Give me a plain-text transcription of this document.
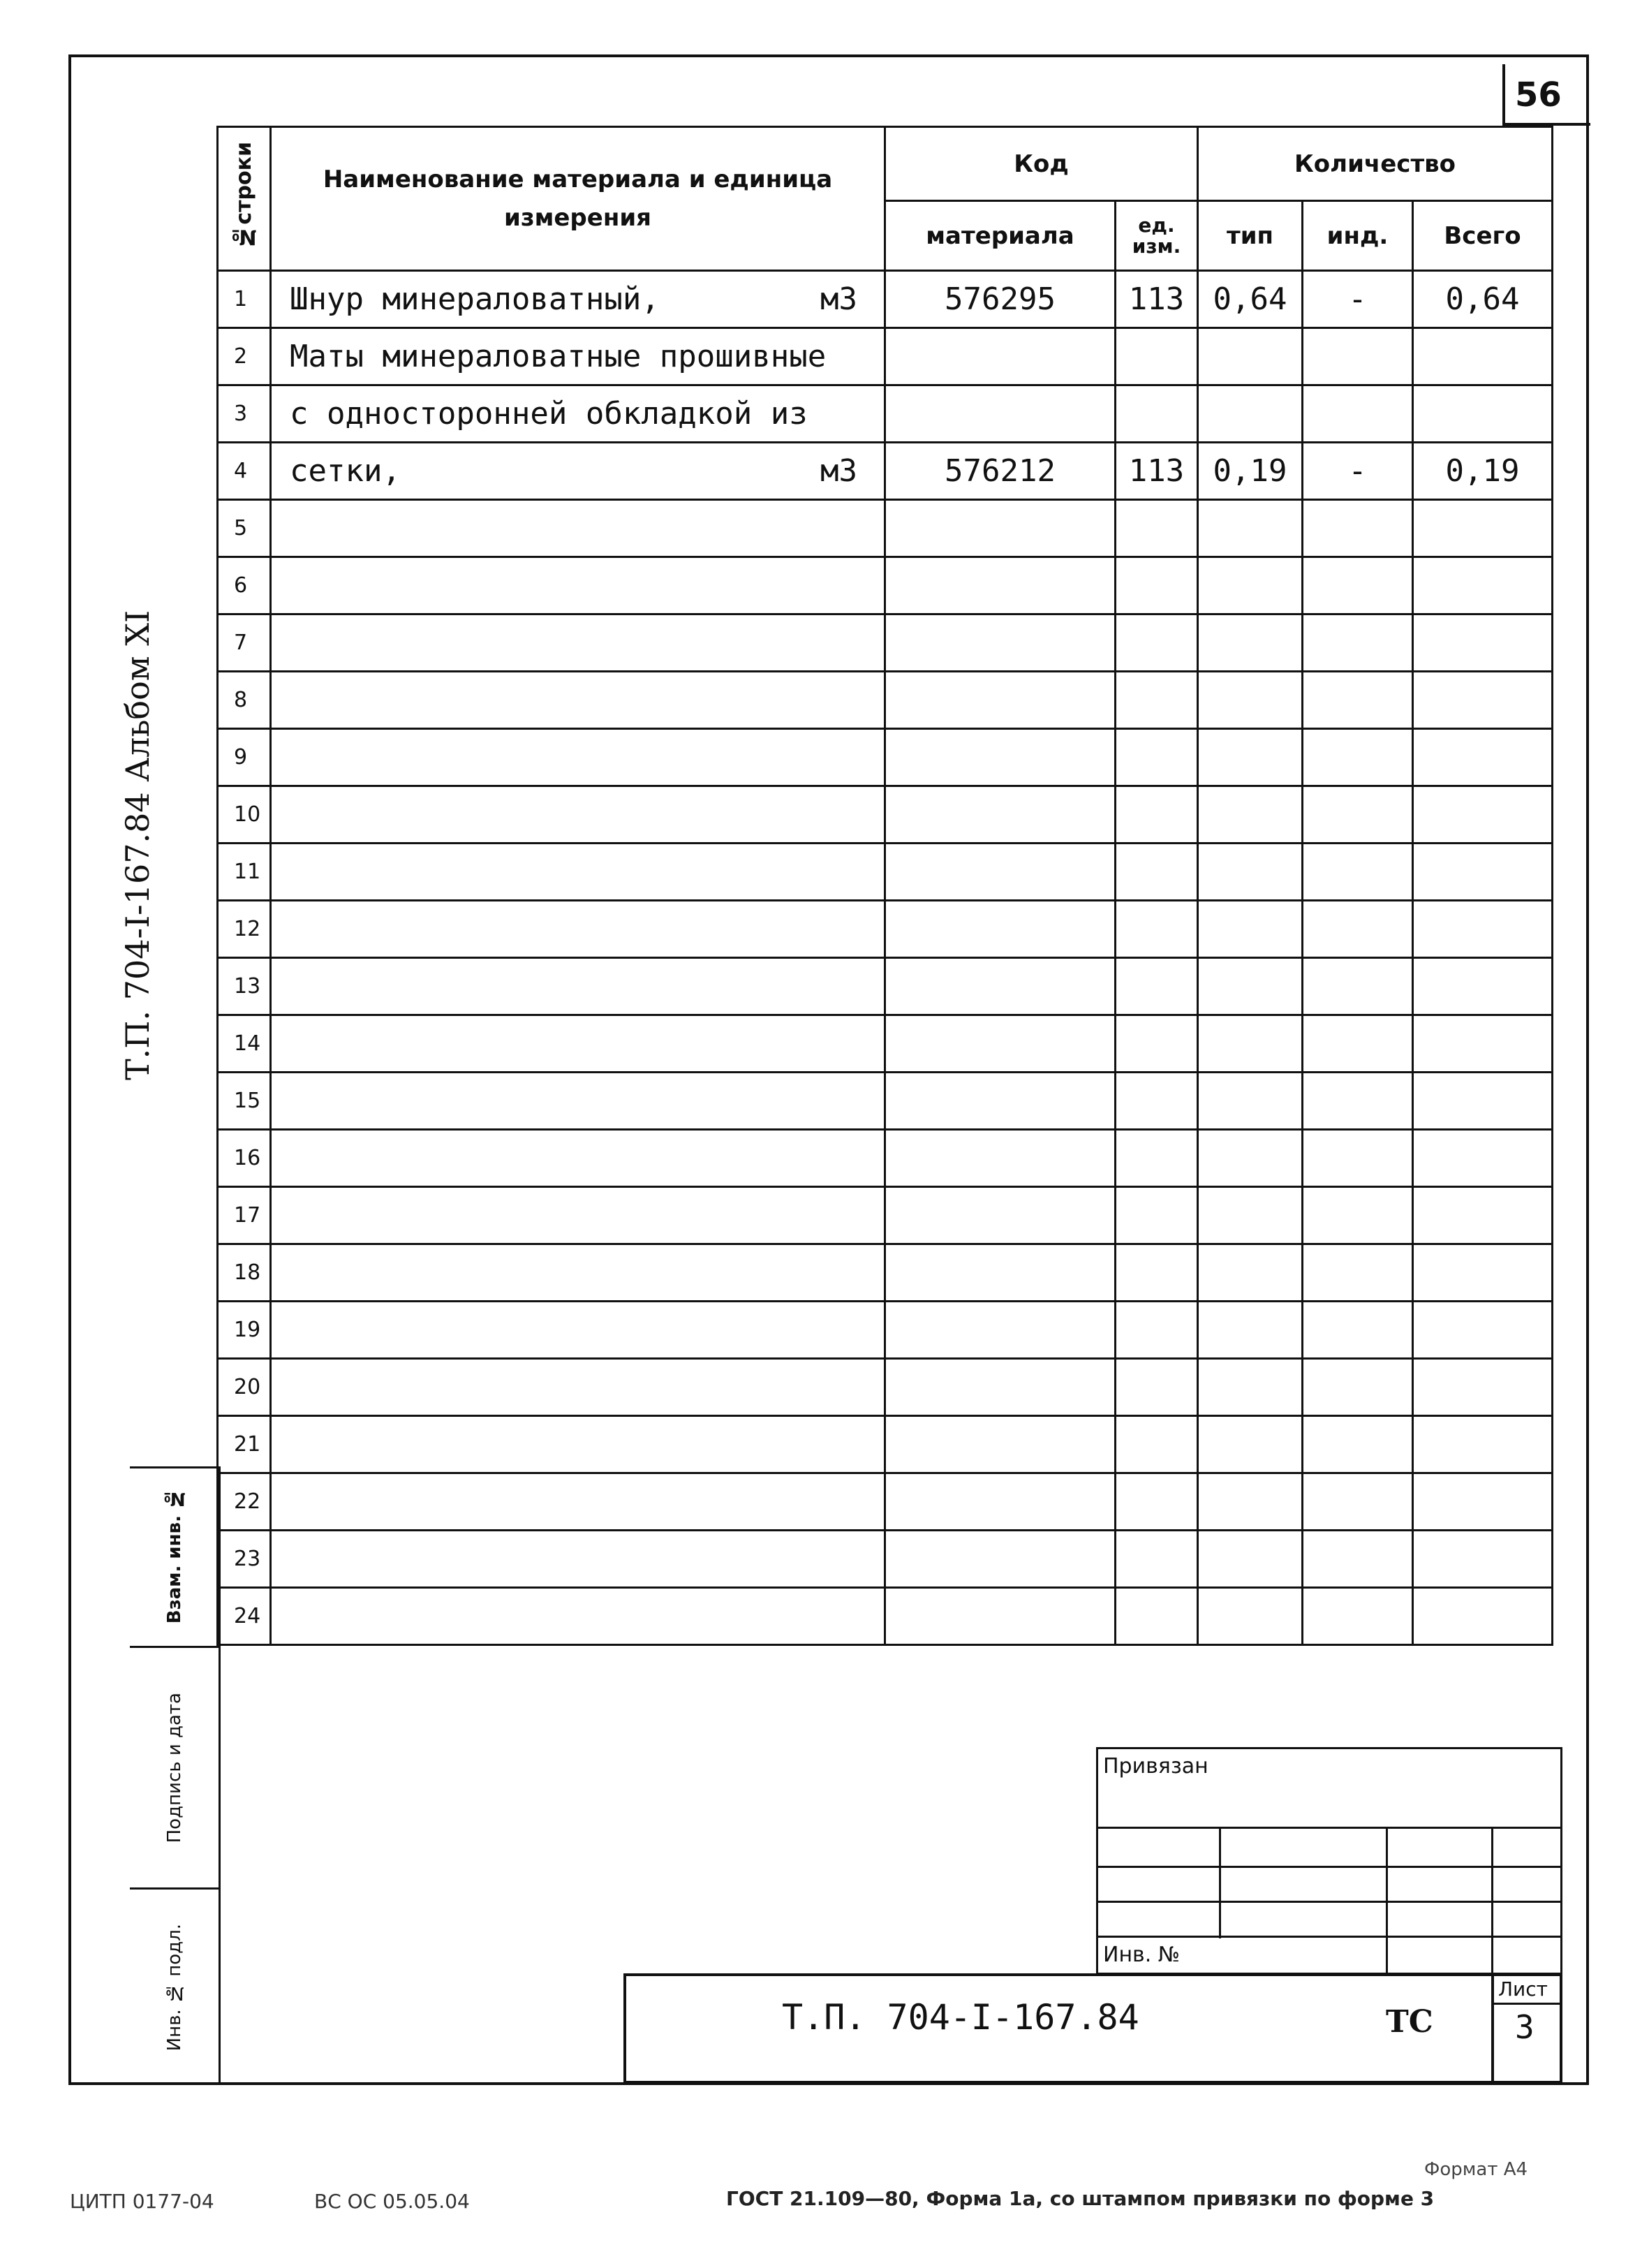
56
Т.П. 704-I-167.84 Альбом XI
№строки	Наименование материала и единица измерения	Код		Количество		
		материала	ед. изм.	тип	инд.	Всего
1	Шнур минераловатный, м3	576295	113	0,64	-	0,64
2	Маты минераловатные прошивные					
3	с односторонней обкладкой из					
4	сетки, м3	576212	113	0,19	-	0,19
5						
6						
7						
8						
9						
10						
11						
12						
13						
14						
15						
16						
17						
18						
19						
20						
21						
22						
23						
24						
Взам. инв. №
Подпись и дата
Инв. № подл.
Привязан
Инв. №
Т.П. 704-I-167.84	ТС
Лист
3
Формат А4
ЦИТП 0177-04	ВС ОС 05.05.04	ГОСТ 21.109—80, Форма 1а, со штампом привязки по форме 3
